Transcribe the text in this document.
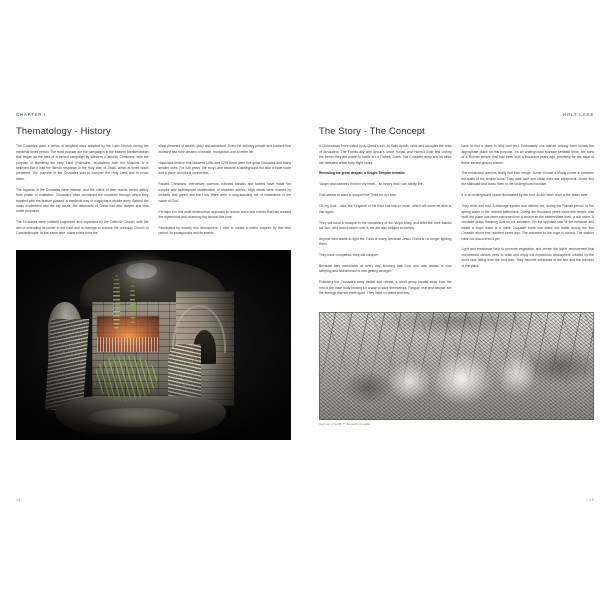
CHAPTER I
Thematology - History

The Crusades were a series of religious wars adopted by the Latin Church during the medieval times period. The most popular are the campaigns in the eastern Mediterranean that began as the idea of a sacred campaign by Western (Catholic) Christians, with the purpose of liberating the Holy Land (Palestine, Jerusalem) from the Muslims. It is believed that it was the West's response to the Holy War, or Jihad, which at times Islam preached. The purpose of the Crusades was to conquer the Holy Land and to crush Islam.

The impacts of the Crusades were intense, and the critics of their results varied widely from praise to exaltation. Crusaders often plundered the countries through which they traveled with the feature passed, a medieval way of supplying a mobile army. Behind the mass excitement and the big ideals, the defenders of Christ had also deeper and less noble purposes.

The Crusades were initiated supported and organized by the Catholic Church, with the aim of extending its power in the East and to manage to subdue the orthodox Church of Constantinople. At the same time, many rulers from the

West dreamed of wealth, glory and adventure. Even the ordinary people and soldiers that followed had their dreams of wealth, recognition and a better life.

Historians believe that between 1096 and 1291 there were five great Crusades and many smaller ones. For 200 years, the Holy Land became a battleground but also a trade route and a place of cultural connection.

Fanatic Christians, mercenary warriors, ruthless bandits and looters have made the colorful and multilayered stratification of crusader armies. High ideals were marred by brutality and greed and the Holy Wars were a long-standing act of intolerance in the name of God.

Perhaps it is this multi-dimensional approach to human souls and events that has created the mysterious and charming fog around this time.

Fascinated by exactly this atmosphere, I tried to create a scene inspired by this time period, its protagonists and its events.

14
HOLY LAKE
The Story - The Concept

A Choresmian force called by Al-Qamil's son, Al-Salih Ayoub, raids and occupies the area of Jerusalem. The Franks ally with Ayoub's uncle, Ismail, and Homs's Emir and uniting the forces they are drawn to battle in La Forbes, Gaza. The Crusader army and its allies are defeated within forty-eight hours.

Revealing his great despair, a Knight Templar bewails:

"Anger and sadness throb in my heart... so heavy that I can hardly live.

God seems to want to support the Turks for our loss...

Oh my God... alas, the Kingdom of the East has lost so much, which will never be able to rise again.

They will build a mosque in the monastery of the Virgin Mary, and after the theft thanks his Son, who would mourn over it, we are also obliged to comply.

Anyone who wants to fight the Turks is crazy, because Jesus Christ is no longer fighting them.

They have conquered, they will conquer.

Because they overwhelm us every day, knowing that God, who was awake, is now sleeping and Mohammed is now getting stronger."

Following the Crusade's army defeat and retreat, a small group breaks away from the rest of the main body looking for a way to save themselves. Fatigue, fear and despair are the feelings that set them apart. They have no water and they

have to find a place to stop and rest. Fortunately one warrior among them knows the appropriate place for this purpose. It's an underground fountain beneath them, the ruins of a Roman temple that had been built a thousand years ago, precisely for the sake of these sacred ground waters.

The exhausted warriors finally find their refuge. Some choose a shady corner in between the walls of the temple ruins. They take care and clean their war equipment. Some find the staircase that leads them to the underground fountain.

It is an underground space illuminated by the roof. At the lower level is the water tank.

They drink and rest. A drainage system and ditches led, during the Roman period, to the spring water in the nearest settlement. During the thousand years since this temple was built, the place has been converted into a church so the intermediate level, a cult niche. A crusader prays thanking God for his salvation. On the opposite side of the entrance and inside a crypt, there is a noble Crusader tomb that killed into battle during the first Crusade about one hundred years ago. The entrance to the crypt is closed. The visitors have not discovered it yet.

Light and resistance help to promote vegetation and create the idyllic environment that overworked visitors need to relax and enjoy the mysterious atmosphere created by the sun's rays falling from the roof hole. They become witnesses of the sen and the holiness of the place.

Summer of 1244, 7° Seventh Crusade
15
